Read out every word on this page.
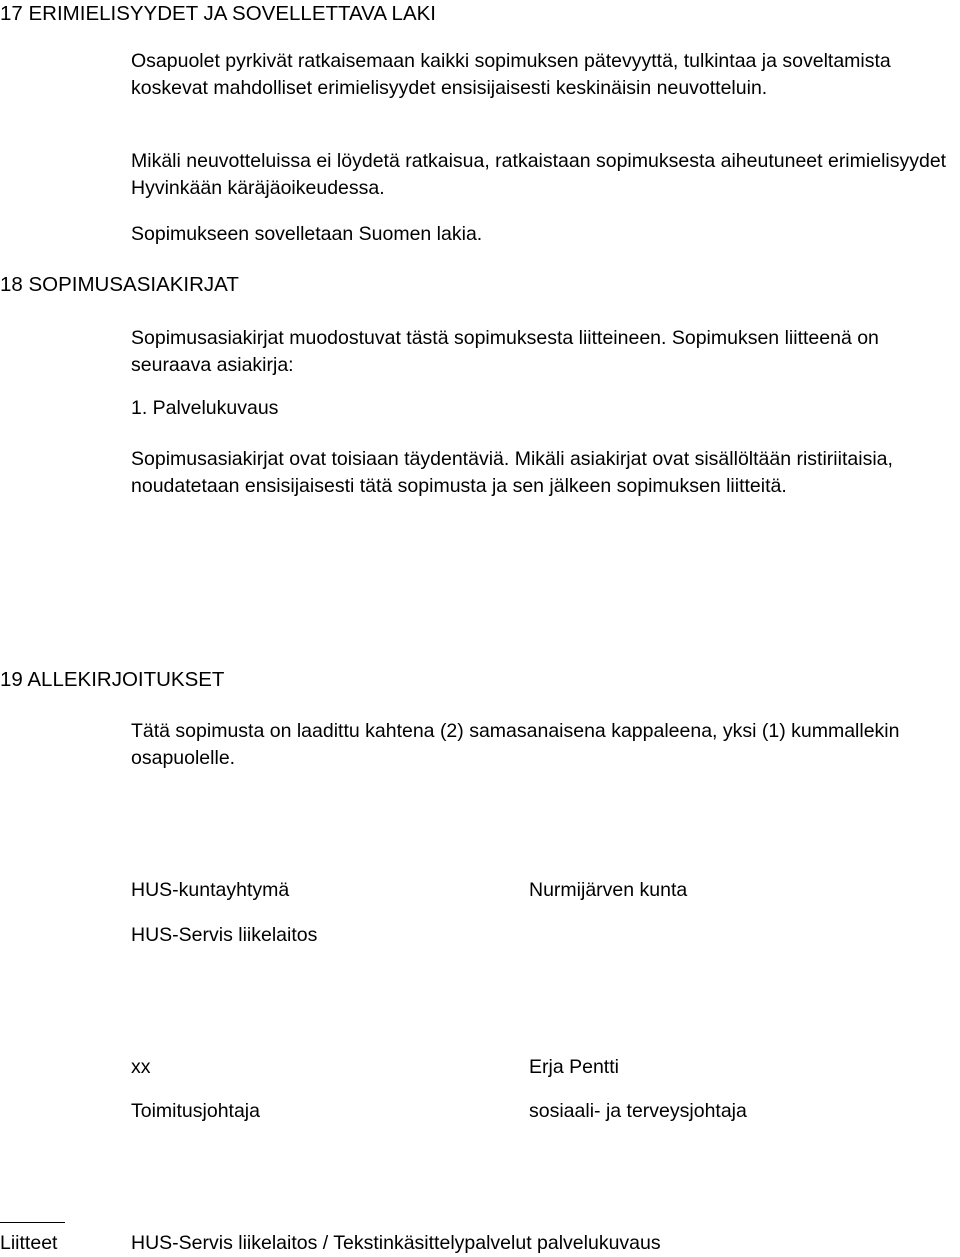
17 ERIMIELISYYDET JA SOVELLETTAVA LAKI
Osapuolet pyrkivät ratkaisemaan kaikki sopimuksen pätevyyttä, tulkintaa ja soveltamista koskevat mahdolliset erimielisyydet ensisijaisesti keskinäisin neuvotteluin.
Mikäli neuvotteluissa ei löydetä ratkaisua, ratkaistaan sopimuksesta aiheutuneet erimielisyydet Hyvinkään käräjäoikeudessa.
Sopimukseen sovelletaan Suomen lakia.
18 SOPIMUSASIAKIRJAT
Sopimusasiakirjat muodostuvat tästä sopimuksesta liitteineen. Sopimuksen liitteenä on seuraava asiakirja:
1. Palvelukuvaus
Sopimusasiakirjat ovat toisiaan täydentäviä. Mikäli asiakirjat ovat sisällöltään ristiriitaisia, noudatetaan ensisijaisesti tätä sopimusta ja sen jälkeen sopimuksen liitteitä.
19 ALLEKIRJOITUKSET
Tätä sopimusta on laadittu kahtena (2) samasanaisena kappaleena, yksi (1) kummallekin osapuolelle.
HUS-kuntayhtymä	Nurmijärven kunta
HUS-Servis liikelaitos
xx	Erja Pentti
Toimitusjohtaja	sosiaali- ja terveysjohtaja
Liitteet	HUS-Servis liikelaitos / Tekstinkäsittelypalvelut palvelukuvaus
